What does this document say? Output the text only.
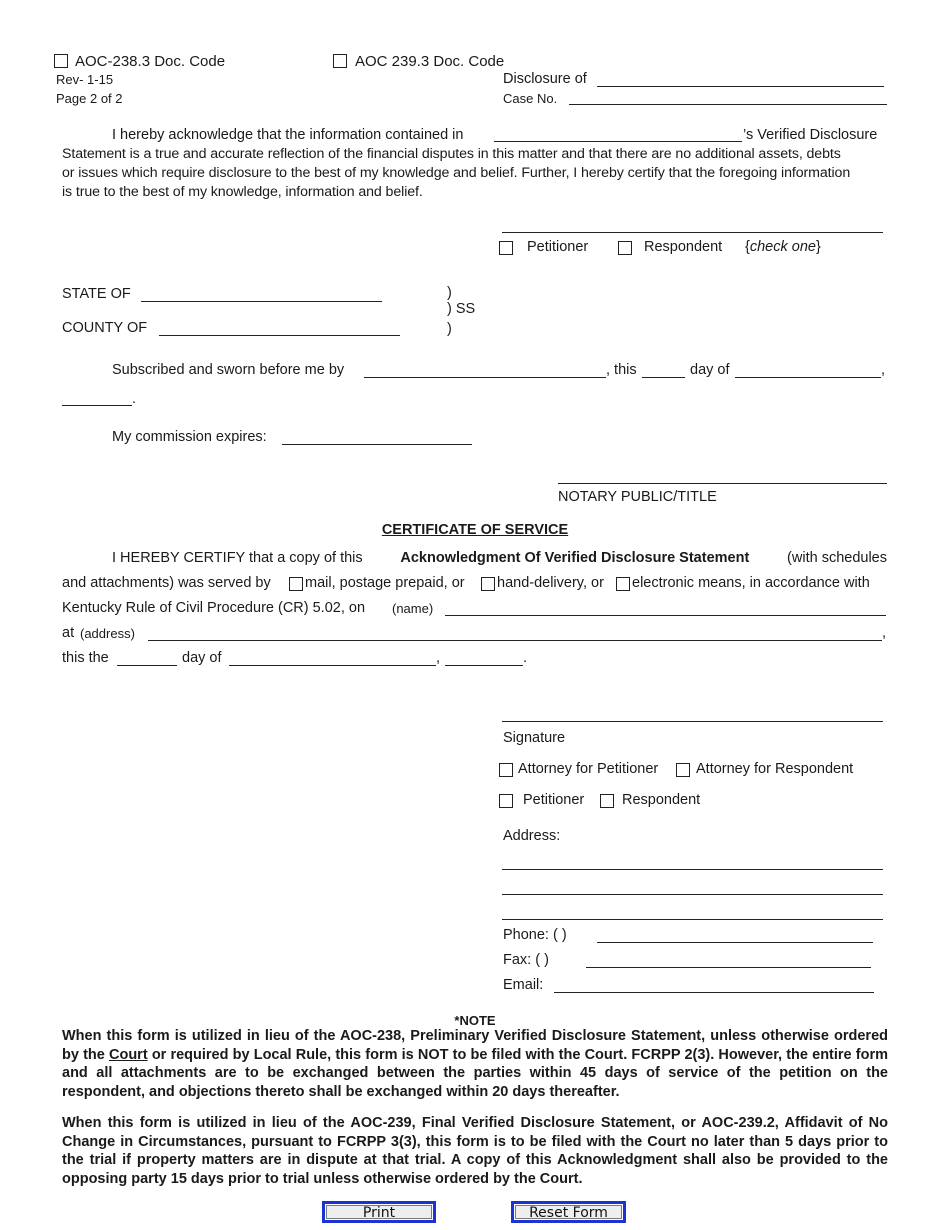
AOC-238.3 Doc. Code	AOC 239.3 Doc. Code
Rev- 1-15
Page 2 of 2
Disclosure of
Case No.
I hereby acknowledge that the information contained in	’s Verified Disclosure
Statement is a true and accurate reflection of the financial disputes in this matter and that there are no additional assets, debts
or issues which require disclosure to the best of my knowledge and belief. Further, I hereby certify that the foregoing information
is true to the best of my knowledge, information and belief.
Petitioner	Respondent {check one}
STATE OF
COUNTY OF
)
) SS
)
Subscribed and sworn before me by	, this	day of	,
.
My commission expires:
NOTARY PUBLIC/TITLE
CERTIFICATE OF SERVICE
I HEREBY CERTIFY that a copy of this	Acknowledgment Of Verified Disclosure Statement	(with schedules
and attachments) was served by mail, postage prepaid, or hand-delivery, or electronic means, in accordance with
Kentucky Rule of Civil Procedure (CR) 5.02, on (name)
at (address)	,
this the	day of	,	.
Signature
Attorney for Petitioner	Attorney for Respondent
Petitioner	Respondent
Address:
Phone: ( )
Fax: ( )
Email:
*NOTE
When this form is utilized in lieu of the AOC-238, Preliminary Verified Disclosure Statement, unless otherwise ordered by the Court or required by Local Rule, this form is NOT to be filed with the Court. FCRPP 2(3). However, the entire form and all attachments are to be exchanged between the parties within 45 days of service of the petition on the respondent, and objections thereto shall be exchanged within 20 days thereafter.
When this form is utilized in lieu of the AOC-239, Final Verified Disclosure Statement, or AOC-239.2, Affidavit of No Change in Circumstances, pursuant to FCRPP 3(3), this form is to be filed with the Court no later than 5 days prior to the trial if property matters are in dispute at that trial. A copy of this Acknowledgment shall also be provided to the opposing party 15 days prior to trial unless otherwise ordered by the Court.
Print	Reset Form
